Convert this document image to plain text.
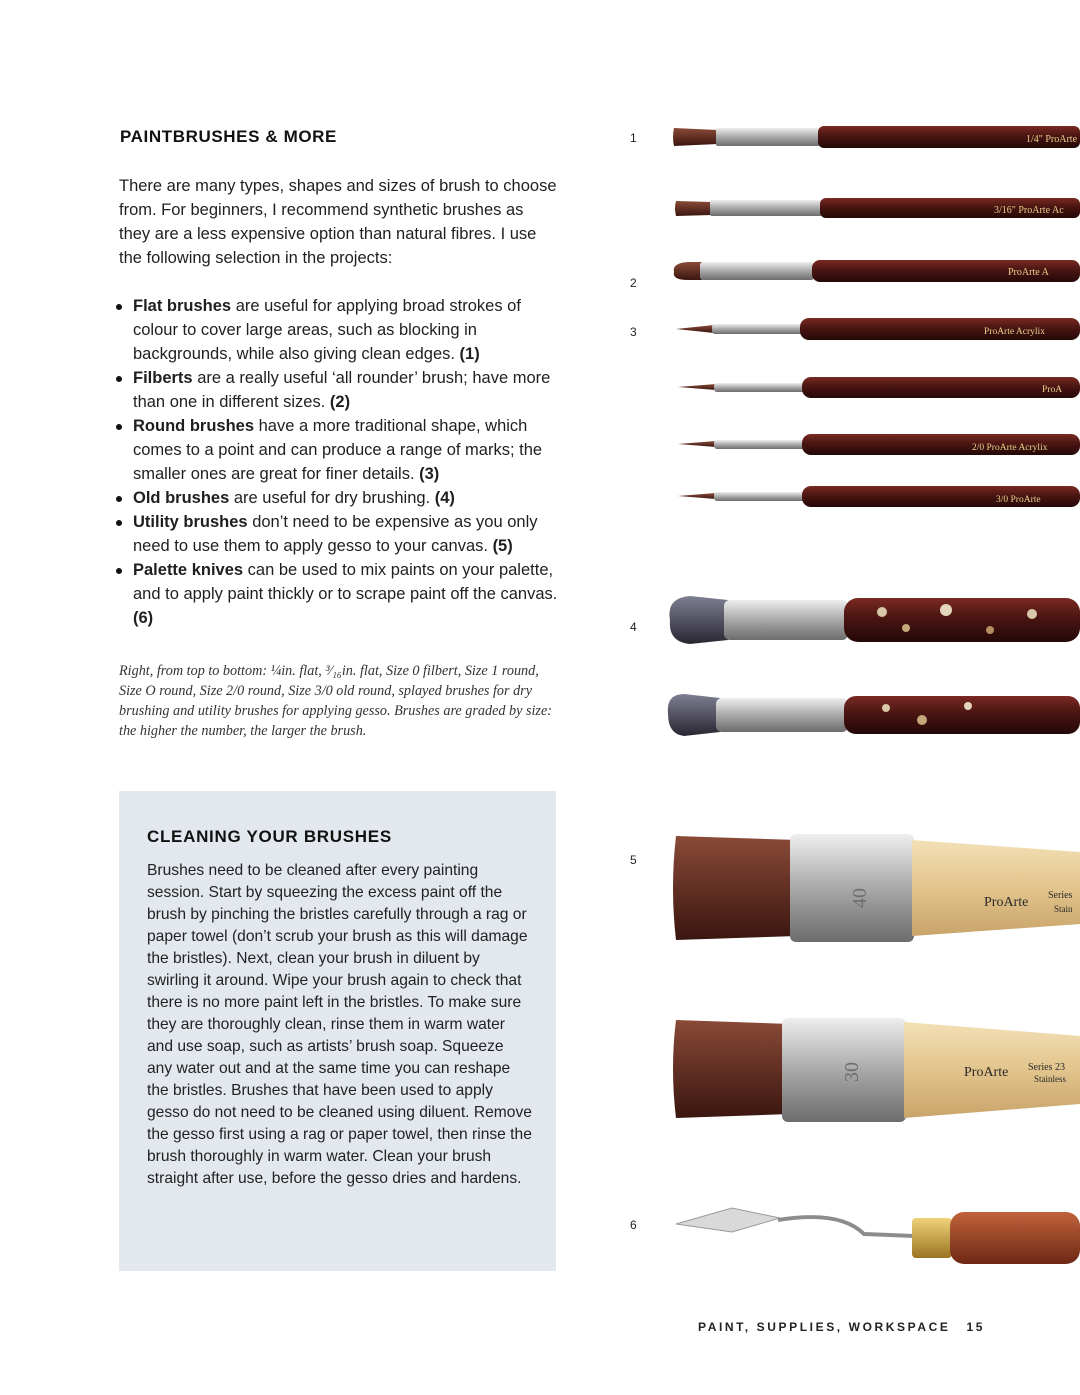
PAINTBRUSHES & MORE

There are many types, shapes and sizes of brush to choose from. For beginners, I recommend synthetic brushes as they are a less expensive option than natural fibres. I use the following selection in the projects:

Flat brushes are useful for applying broad strokes of colour to cover large areas, such as blocking in backgrounds, while also giving clean edges. (1)
Filberts are a really useful ‘all rounder’ brush; have more than one in different sizes. (2)
Round brushes have a more traditional shape, which comes to a point and can produce a range of marks; the smaller ones are great for finer details. (3)
Old brushes are useful for dry brushing. (4)
Utility brushes don’t need to be expensive as you only need to use them to apply gesso to your canvas. (5)
Palette knives can be used to mix paints on your palette, and to apply paint thickly or to scrape paint off the canvas. (6)

Right, from top to bottom: ¼in. flat, ³⁄₁₆in. flat, Size 0 filbert, Size 1 round, Size O round, Size 2/0 round, Size 3/0 old round, splayed brushes for dry brushing and utility brushes for applying gesso. Brushes are graded by size: the higher the number, the larger the brush.

CLEANING YOUR BRUSHES

Brushes need to be cleaned after every painting session. Start by squeezing the excess paint off the brush by pinching the bristles carefully through a rag or paper towel (don’t scrub your brush as this will damage the bristles). Next, clean your brush in diluent by swirling it around. Wipe your brush again to check that there is no more paint left in the bristles. To make sure they are thoroughly clean, rinse them in warm water and use soap, such as artists’ brush soap. Squeeze any water out and at the same time you can reshape the bristles. Brushes that have been used to apply gesso do not need to be cleaned using diluent. Remove the gesso first using a rag or paper towel, then rinse the brush thoroughly in warm water. Clean your brush straight after use, before the gesso dries and hardens.

1
2
3
4
5
6
1/4" ProArte
3/16" ProArte Ac
ProArte A
ProArte Acrylix
ProA
2/0 ProArte Acrylix
3/0 ProArte
40	ProArte Series
Stain
30	ProArte Series 23
Stainless
PAINT, SUPPLIES, WORKSPACE 15
